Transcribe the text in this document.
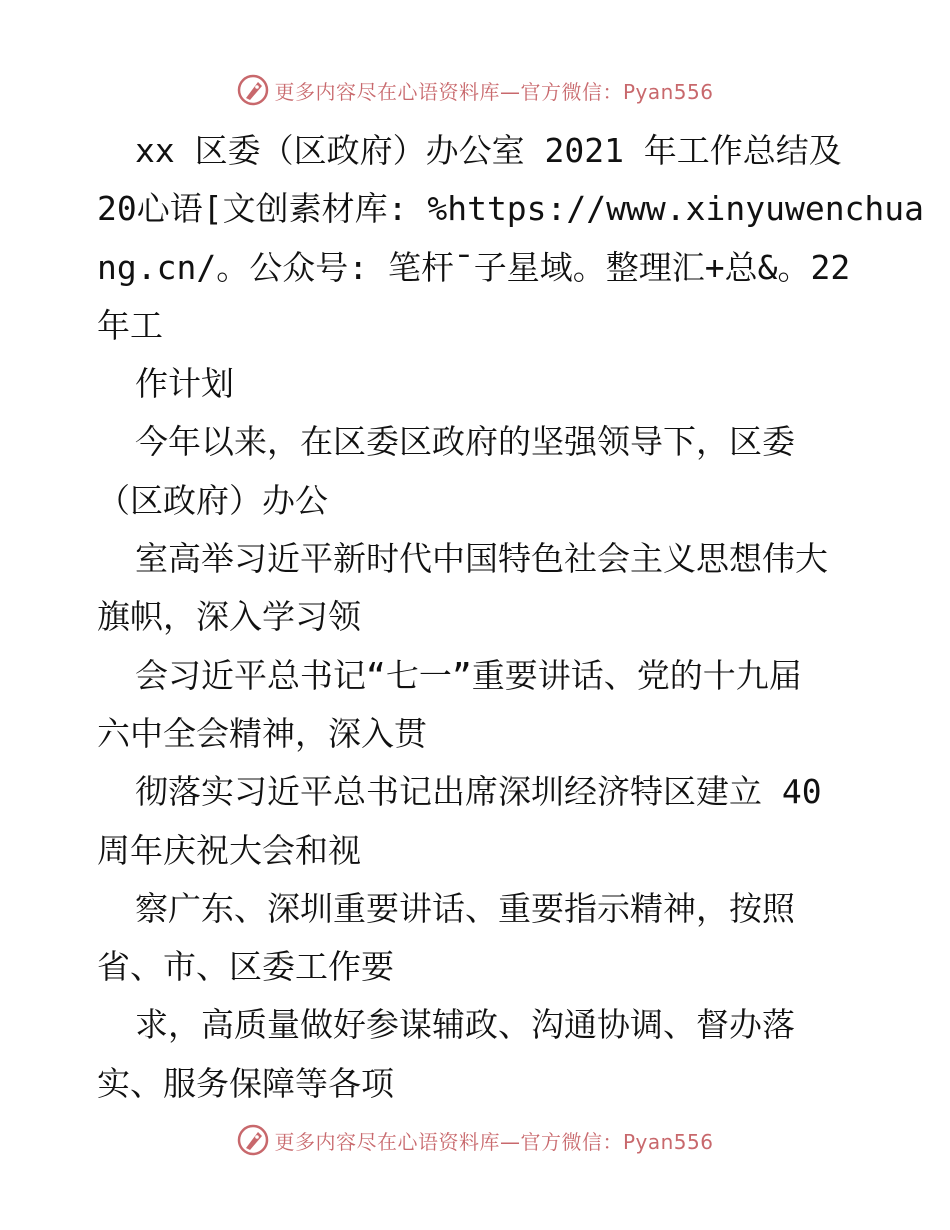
更多内容尽在心语资料库—官方微信：Pyan556
xx 区委（区政府）办公室 2021 年工作总结及
20心语[文创素材库: %https://www.xinyuwenchua
ng.cn/。公众号: 笔杆¯子星域。整理汇+总&。22
年工
作计划
今年以来，在区委区政府的坚强领导下，区委
（区政府）办公
室高举习近平新时代中国特色社会主义思想伟大
旗帜，深入学习领
会习近平总书记“七一”重要讲话、党的十九届
六中全会精神，深入贯
彻落实习近平总书记出席深圳经济特区建立 40
周年庆祝大会和视
察广东、深圳重要讲话、重要指示精神，按照
省、市、区委工作要
求，高质量做好参谋辅政、沟通协调、督办落
实、服务保障等各项
更多内容尽在心语资料库—官方微信：Pyan556
